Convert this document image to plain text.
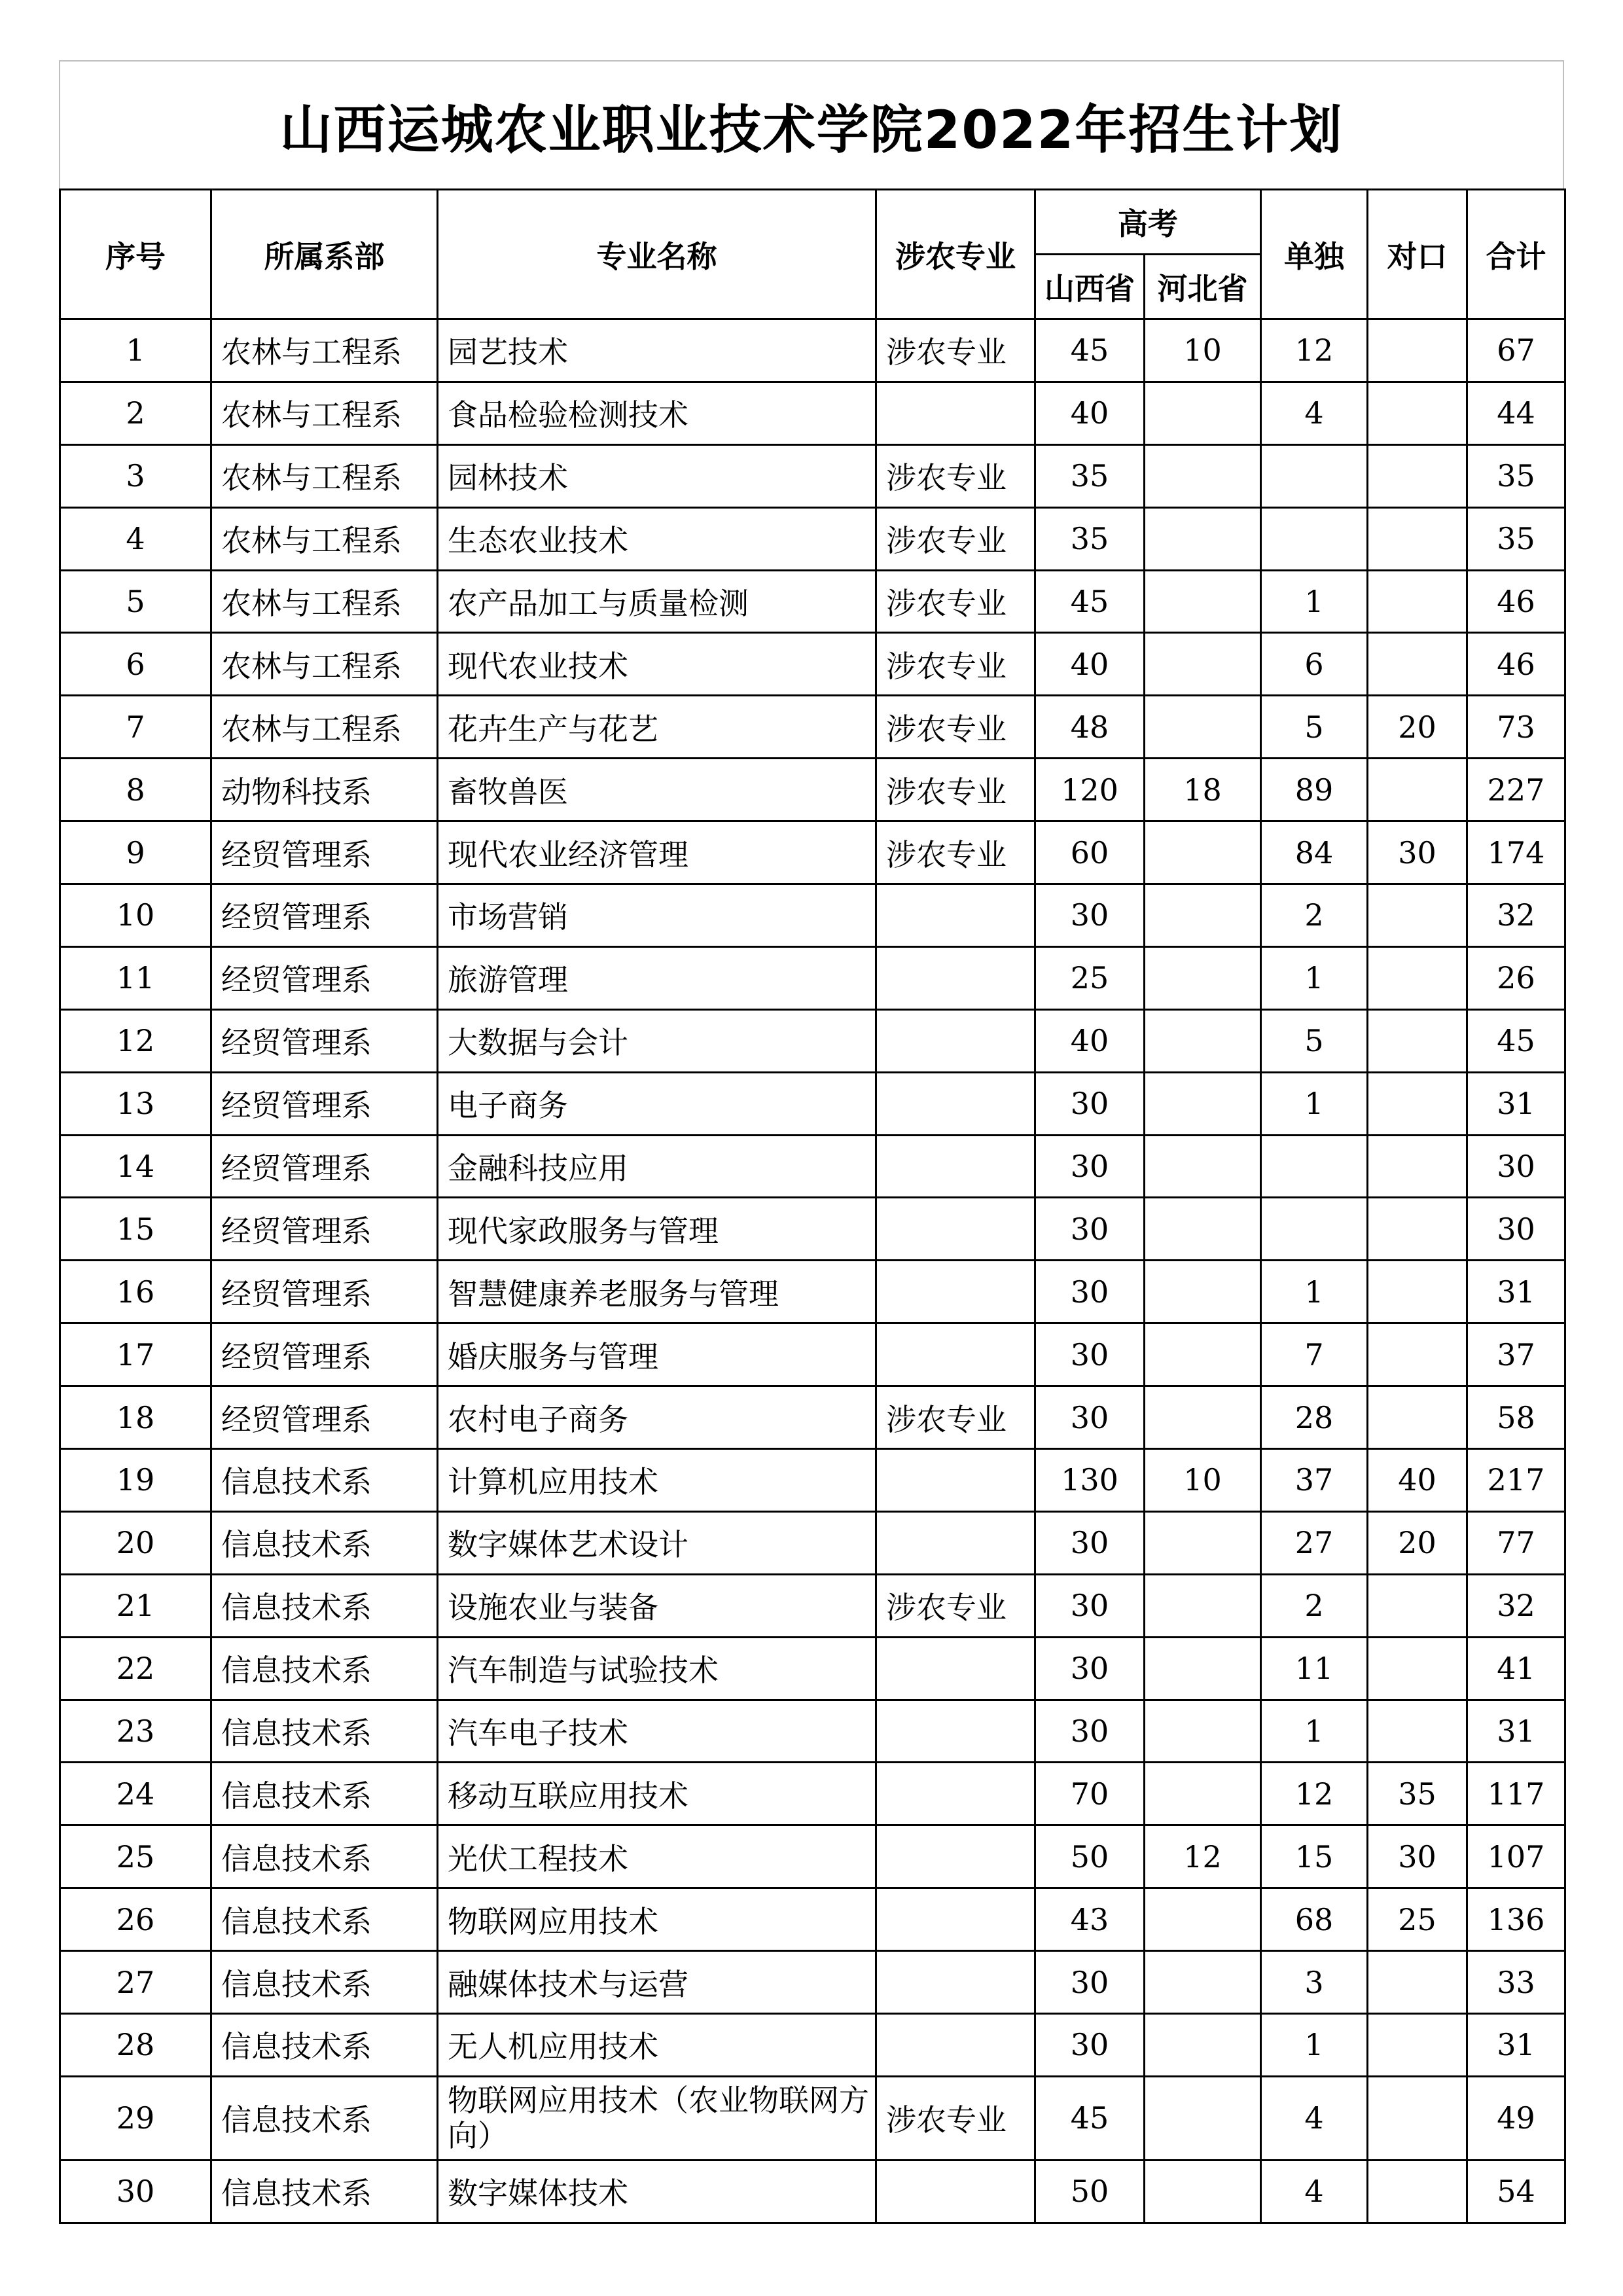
山西运城农业职业技术学院2022年招生计划
序号	所属系部	专业名称	涉农专业	高考		单独	对口	合计
				山西省	河北省			
1	农林与工程系	园艺技术	涉农专业	45	10	12		67
2	农林与工程系	食品检验检测技术		40		4		44
3	农林与工程系	园林技术	涉农专业	35				35
4	农林与工程系	生态农业技术	涉农专业	35				35
5	农林与工程系	农产品加工与质量检测	涉农专业	45		1		46
6	农林与工程系	现代农业技术	涉农专业	40		6		46
7	农林与工程系	花卉生产与花艺	涉农专业	48		5	20	73
8	动物科技系	畜牧兽医	涉农专业	120	18	89		227
9	经贸管理系	现代农业经济管理	涉农专业	60		84	30	174
10	经贸管理系	市场营销		30		2		32
11	经贸管理系	旅游管理		25		1		26
12	经贸管理系	大数据与会计		40		5		45
13	经贸管理系	电子商务		30		1		31
14	经贸管理系	金融科技应用		30				30
15	经贸管理系	现代家政服务与管理		30				30
16	经贸管理系	智慧健康养老服务与管理		30		1		31
17	经贸管理系	婚庆服务与管理		30		7		37
18	经贸管理系	农村电子商务	涉农专业	30		28		58
19	信息技术系	计算机应用技术		130	10	37	40	217
20	信息技术系	数字媒体艺术设计		30		27	20	77
21	信息技术系	设施农业与装备	涉农专业	30		2		32
22	信息技术系	汽车制造与试验技术		30		11		41
23	信息技术系	汽车电子技术		30		1		31
24	信息技术系	移动互联应用技术		70		12	35	117
25	信息技术系	光伏工程技术		50	12	15	30	107
26	信息技术系	物联网应用技术		43		68	25	136
27	信息技术系	融媒体技术与运营		30		3		33
28	信息技术系	无人机应用技术		30		1		31
29	信息技术系	物联网应用技术（农业物联网方向）	涉农专业	45		4		49
30	信息技术系	数字媒体技术		50		4		54
